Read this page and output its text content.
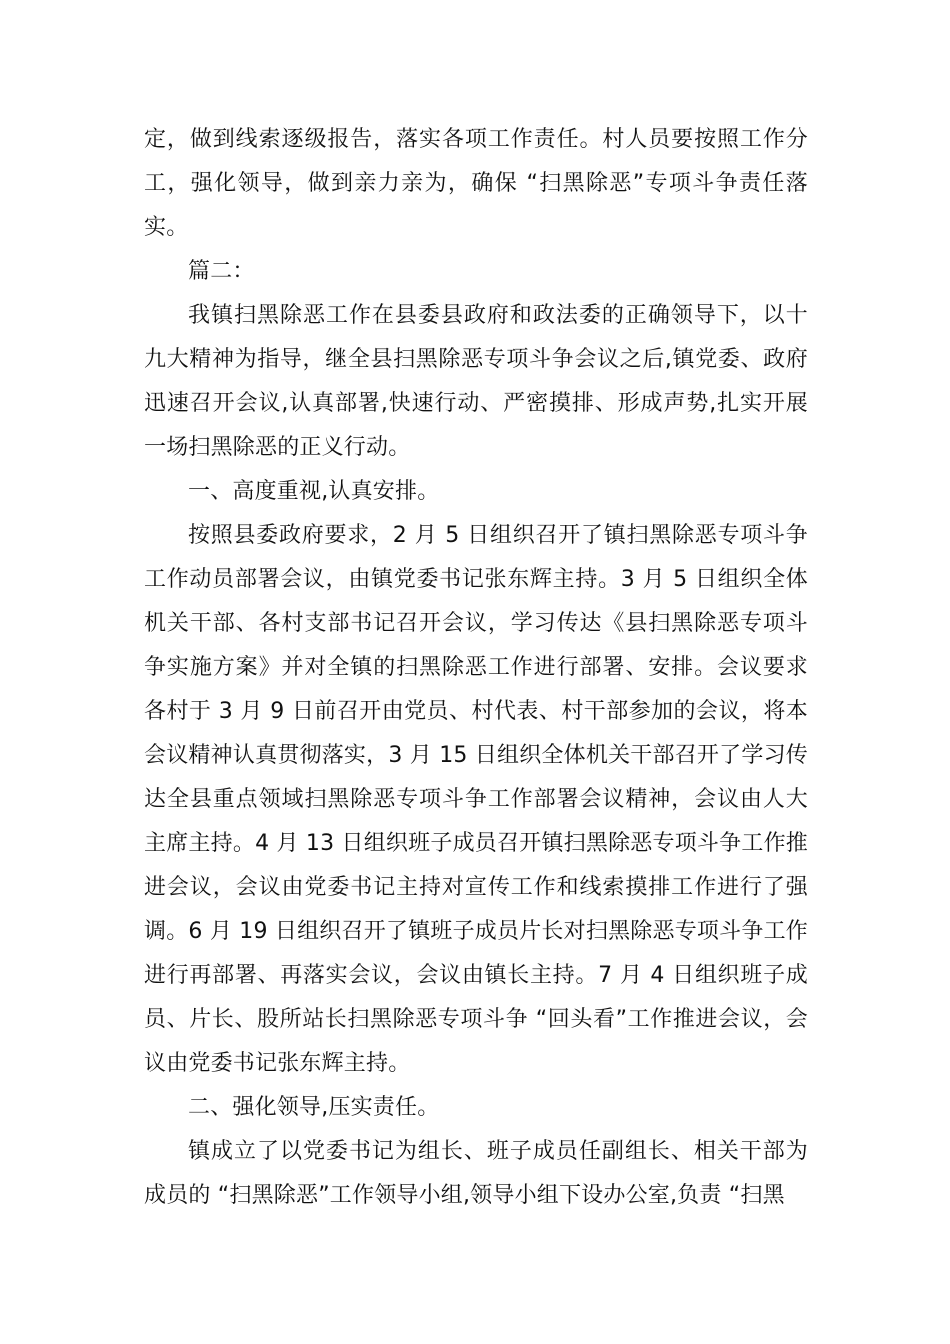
定，做到线索逐级报告，落实各项工作责任。村人员要按照工作分工，强化领导，做到亲力亲为，确保 “扫黑除恶”专项斗争责任落实。

篇二：

我镇扫黑除恶工作在县委县政府和政法委的正确领导下，以十九大精神为指导，继全县扫黑除恶专项斗争会议之后,镇党委、政府迅速召开会议,认真部署,快速行动、严密摸排、形成声势,扎实开展一场扫黑除恶的正义行动。

一、高度重视,认真安排。

按照县委政府要求，2 月 5 日组织召开了镇扫黑除恶专项斗争工作动员部署会议，由镇党委书记张东辉主持。3 月 5 日组织全体机关干部、各村支部书记召开会议，学习传达《县扫黑除恶专项斗争实施方案》并对全镇的扫黑除恶工作进行部署、安排。会议要求各村于 3 月 9 日前召开由党员、村代表、村干部参加的会议，将本会议精神认真贯彻落实，3 月 15 日组织全体机关干部召开了学习传达全县重点领域扫黑除恶专项斗争工作部署会议精神，会议由人大主席主持。4 月 13 日组织班子成员召开镇扫黑除恶专项斗争工作推进会议，会议由党委书记主持对宣传工作和线索摸排工作进行了强调。6 月 19 日组织召开了镇班子成员片长对扫黑除恶专项斗争工作进行再部署、再落实会议，会议由镇长主持。7 月 4 日组织班子成员、片长、股所站长扫黑除恶专项斗争 “回头看”工作推进会议，会议由党委书记张东辉主持。

二、强化领导,压实责任。

镇成立了以党委书记为组长、班子成员任副组长、相关干部为成员的 “扫黑除恶”工作领导小组,领导小组下设办公室,负责 “扫黑
